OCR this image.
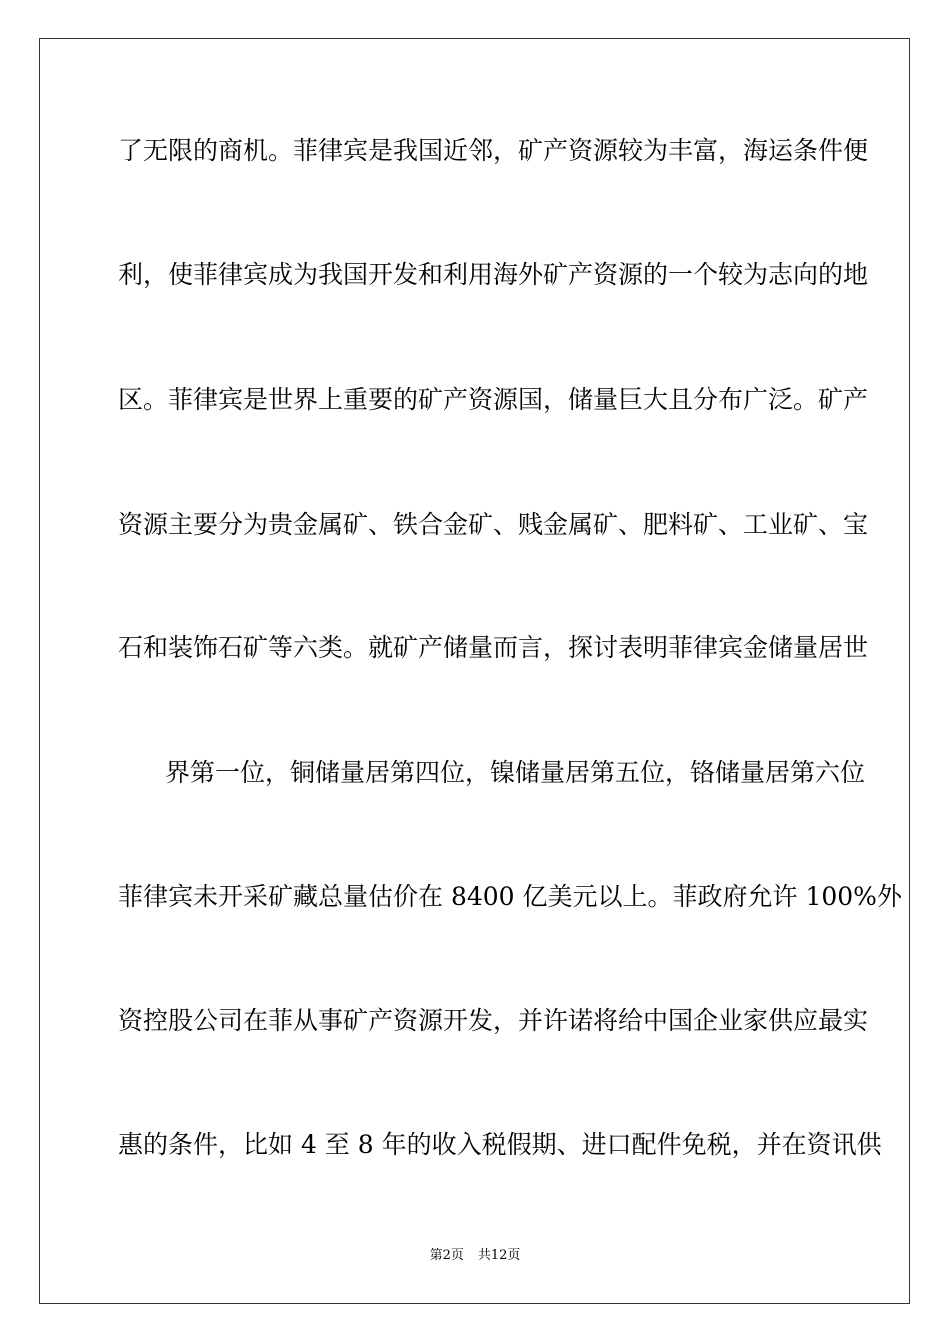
了无限的商机。菲律宾是我国近邻，矿产资源较为丰富，海运条件便
利，使菲律宾成为我国开发和利用海外矿产资源的一个较为志向的地
区。菲律宾是世界上重要的矿产资源国，储量巨大且分布广泛。矿产
资源主要分为贵金属矿、铁合金矿、贱金属矿、肥料矿、工业矿、宝
石和装饰石矿等六类。就矿产储量而言，探讨表明菲律宾金储量居世
界第一位，铜储量居第四位，镍储量居第五位，铬储量居第六位
菲律宾未开采矿藏总量估价在 8400 亿美元以上。菲政府允许 100%外
资控股公司在菲从事矿产资源开发，并许诺将给中国企业家供应最实
惠的条件，比如 4 至 8 年的收入税假期、进口配件免税，并在资讯供
第2页 共12页
